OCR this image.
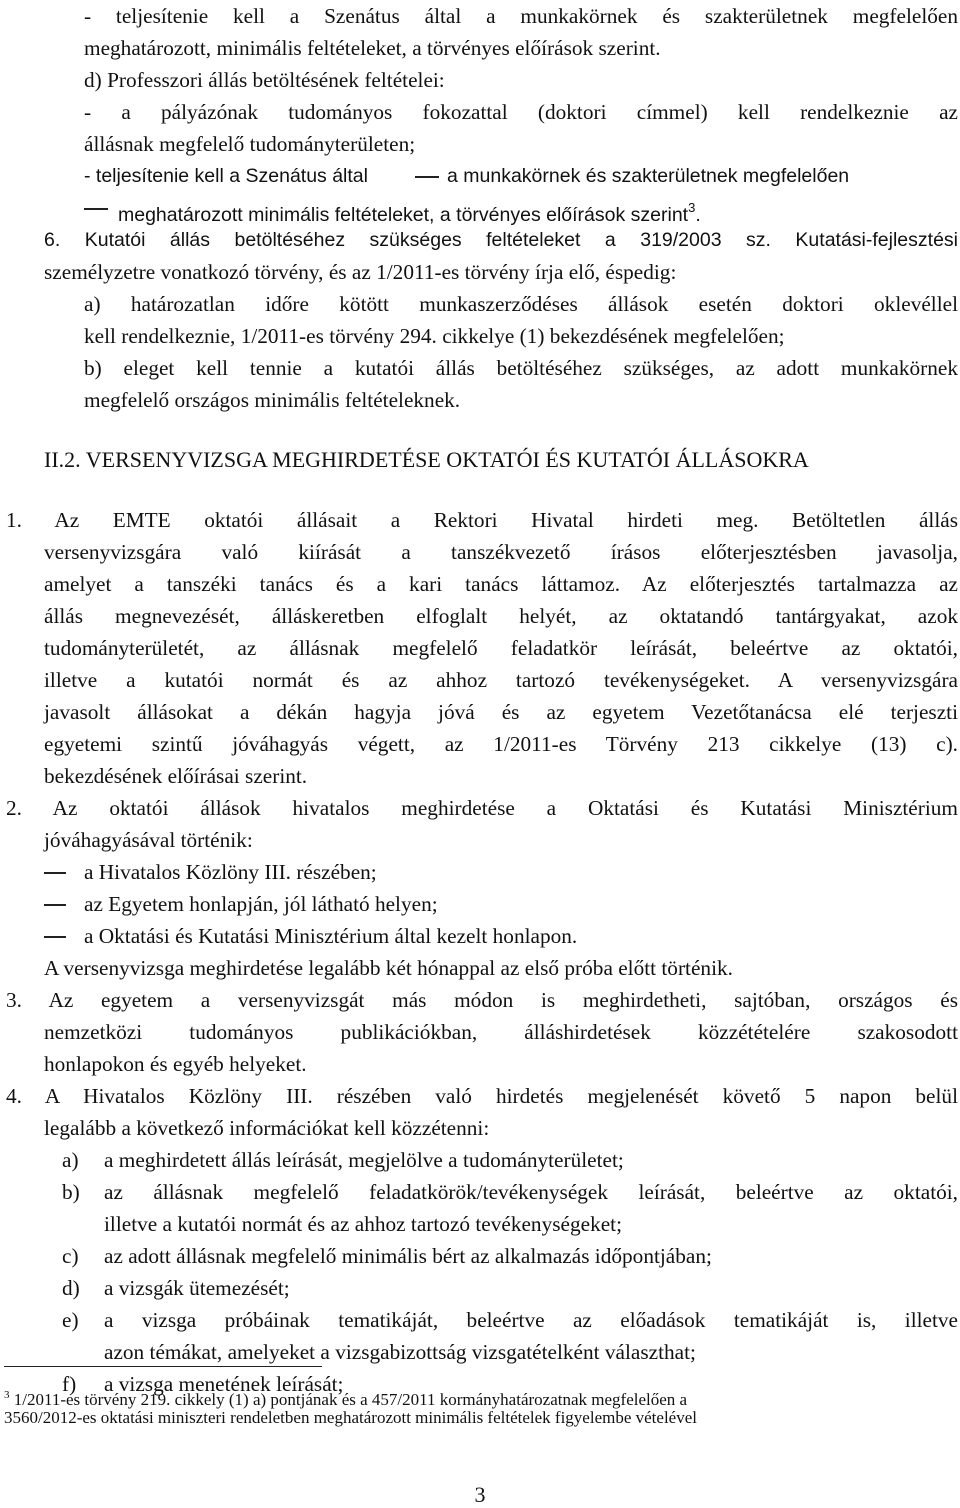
- teljesítenie kell a Szenátus által a munkakörnek és szakterületnek megfelelően
meghatározott, minimális feltételeket, a törvényes előírások szerint.
d) Professzori állás betöltésének feltételei:
- a pályázónak tudományos fokozattal (doktori címmel) kell rendelkeznie az
állásnak megfelelő tudományterületen;
- teljesítenie kell a Szenátus által	a munkakörnek és szakterületnek megfelelően
meghatározott minimális feltételeket, a törvényes előírások szerint$^3$.
6. Kutatói állás betöltéséhez szükséges feltételeket a 319/2003 sz. Kutatási-fejlesztési
személyzetre vonatkozó törvény, és az 1/2011-es törvény írja elő, éspedig:
a) határozatlan időre kötött munkaszerződéses állások esetén doktori oklevéllel
kell rendelkeznie, 1/2011-es törvény 294. cikkelye (1) bekezdésének megfelelően;
b) eleget kell tennie a kutatói állás betöltéséhez szükséges, az adott munkakörnek
megfelelő országos minimális feltételeknek.
II.2. VERSENYVIZSGA MEGHIRDETÉSE OKTATÓI ÉS KUTATÓI ÁLLÁSOKRA
1. Az EMTE oktatói állásait a Rektori Hivatal hirdeti meg. Betöltetlen állás
versenyvizsgára való kiírását a tanszékvezető írásos előterjesztésben javasolja,
amelyet a tanszéki tanács és a kari tanács láttamoz. Az előterjesztés tartalmazza az
állás megnevezését, álláskeretben elfoglalt helyét, az oktatandó tantárgyakat, azok
tudományterületét, az állásnak megfelelő feladatkör leírását, beleértve az oktatói,
illetve a kutatói normát és az ahhoz tartozó tevékenységeket. A versenyvizsgára
javasolt állásokat a dékán hagyja jóvá és az egyetem Vezetőtanácsa elé terjeszti
egyetemi szintű jóváhagyás végett, az 1/2011-es Törvény 213 cikkelye (13) c).
bekezdésének előírásai szerint.
2. Az oktatói állások hivatalos meghirdetése a Oktatási és Kutatási Minisztérium
jóváhagyásával történik:
a Hivatalos Közlöny III. részében;
az Egyetem honlapján, jól látható helyen;
a Oktatási és Kutatási Minisztérium által kezelt honlapon.
A versenyvizsga meghirdetése legalább két hónappal az első próba előtt történik.
3. Az egyetem a versenyvizsgát más módon is meghirdetheti, sajtóban, országos és
nemzetközi tudományos publikációkban, álláshirdetések közzétételére szakosodott
honlapokon és egyéb helyeket.
4. A Hivatalos Közlöny III. részében való hirdetés megjelenését követő 5 napon belül
legalább a következő információkat kell közzétenni:
a) a meghirdetett állás leírását, megjelölve a tudományterületet;
b) az állásnak megfelelő feladatkörök/tevékenységek leírását, beleértve az oktatói,
illetve a kutatói normát és az ahhoz tartozó tevékenységeket;
c) az adott állásnak megfelelő minimális bért az alkalmazás időpontjában;
d) a vizsgák ütemezését;
e) a vizsga próbáinak tematikáját, beleértve az előadások tematikáját is, illetve
azon témákat, amelyeket a vizsgabizottság vizsgatételként választhat;
f) a vizsga menetének leírását;
$^3$ 1/2011-es törvény 219. cikkely (1) a) pontjának és a 457/2011 kormányhatározatnak megfelelően a
3560/2012-es oktatási miniszteri rendeletben meghatározott minimális feltételek figyelembe vételével
3
